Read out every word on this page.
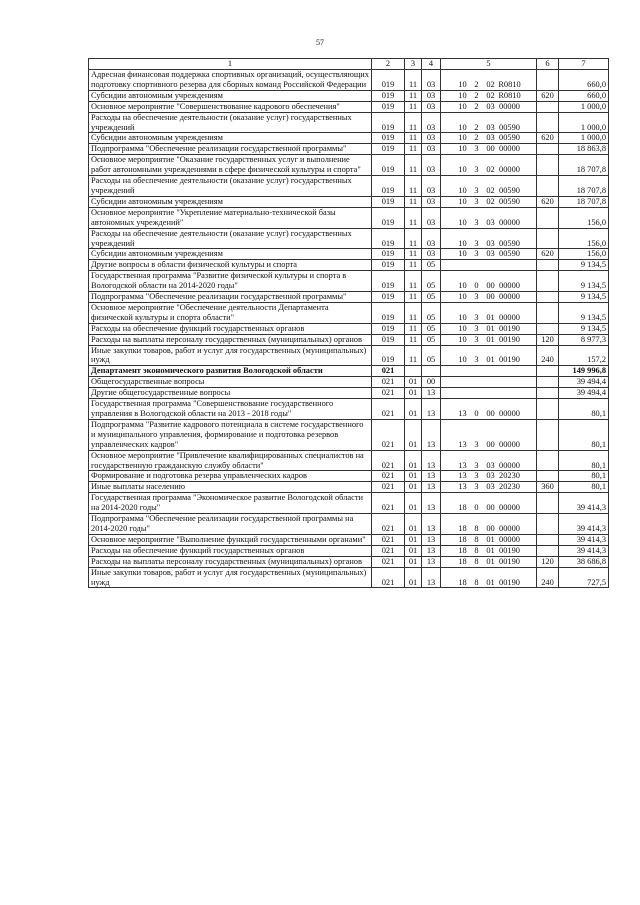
57
1	2	3	4	5	6	7
Адресная финансовая поддержка спортивных организаций, осуществляющих подготовку спортивного резерва для сборных команд Российской Федерации	019	11	03	10 2 02 R0810		660,0
Субсидии автономным учреждениям	019	11	03	10 2 02 R0810	620	660,0
Основное мероприятие "Совершенствование кадрового обеспечения"	019	11	03	10 2 03 00000		1 000,0
Расходы на обеспечение деятельности (оказание услуг) государственных учреждений	019	11	03	10 2 03 00590		1 000,0
Субсидии автономным учреждениям	019	11	03	10 2 03 00590	620	1 000,0
Подпрограмма "Обеспечение реализации государственной программы"	019	11	03	10 3 00 00000		18 863,8
Основное мероприятие "Оказание государственных услуг и выполнение работ автономными учреждениями в сфере физической культуры и спорта"	019	11	03	10 3 02 00000		18 707,8
Расходы на обеспечение деятельности (оказание услуг) государственных учреждений	019	11	03	10 3 02 00590		18 707,8
Субсидии автономным учреждениям	019	11	03	10 3 02 00590	620	18 707,8
Основное мероприятие "Укрепление материально-технической базы автономных учреждений"	019	11	03	10 3 03 00000		156,0
Расходы на обеспечение деятельности (оказание услуг) государственных учреждений	019	11	03	10 3 03 00590		156,0
Субсидии автономным учреждениям	019	11	03	10 3 03 00590	620	156,0
Другие вопросы в области физической культуры и спорта	019	11	05			9 134,5
Государственная программа "Развитие физической культуры и спорта в Вологодской области на 2014-2020 годы"	019	11	05	10 0 00 00000		9 134,5
Подпрограмма "Обеспечение реализации государственной программы"	019	11	05	10 3 00 00000		9 134,5
Основное мероприятие "Обеспечение деятельности Департамента физической культуры и спорта области"	019	11	05	10 3 01 00000		9 134,5
Расходы на обеспечение функций государственных органов	019	11	05	10 3 01 00190		9 134,5
Расходы на выплаты персоналу государственных (муниципальных) органов	019	11	05	10 3 01 00190	120	8 977,3
Иные закупки товаров, работ и услуг для государственных (муниципальных) нужд	019	11	05	10 3 01 00190	240	157,2
Департамент экономического развития Вологодской области	021					149 996,8
Общегосударственные вопросы	021	01	00			39 494,4
Другие общегосударственные вопросы	021	01	13			39 494,4
Государственная программа "Совершенствование государственного управления в Вологодской области на 2013 - 2018 годы"	021	01	13	13 0 00 00000		80,1
Подпрограмма "Развитие кадрового потенциала в системе государственного и муниципального управления, формирование и подготовка резервов управленческих кадров"	021	01	13	13 3 00 00000		80,1
Основное мероприятие "Привлечение квалифицированных специалистов на государственную гражданскую службу области"	021	01	13	13 3 03 00000		80,1
Формирование и подготовка резерва управленческих кадров	021	01	13	13 3 03 20230		80,1
Иные выплаты населению	021	01	13	13 3 03 20230	360	80,1
Государственная программа "Экономическое развитие Вологодской области на 2014-2020 годы"	021	01	13	18 0 00 00000		39 414,3
Подпрограмма "Обеспечение реализации государственной программы на 2014-2020 годы"	021	01	13	18 8 00 00000		39 414,3
Основное мероприятие "Выполнение функций государственными органами"	021	01	13	18 8 01 00000		39 414,3
Расходы на обеспечение функций государственных органов	021	01	13	18 8 01 00190		39 414,3
Расходы на выплаты персоналу государственных (муниципальных) органов	021	01	13	18 8 01 00190	120	38 686,8
Иные закупки товаров, работ и услуг для государственных (муниципальных) нужд	021	01	13	18 8 01 00190	240	727,5
